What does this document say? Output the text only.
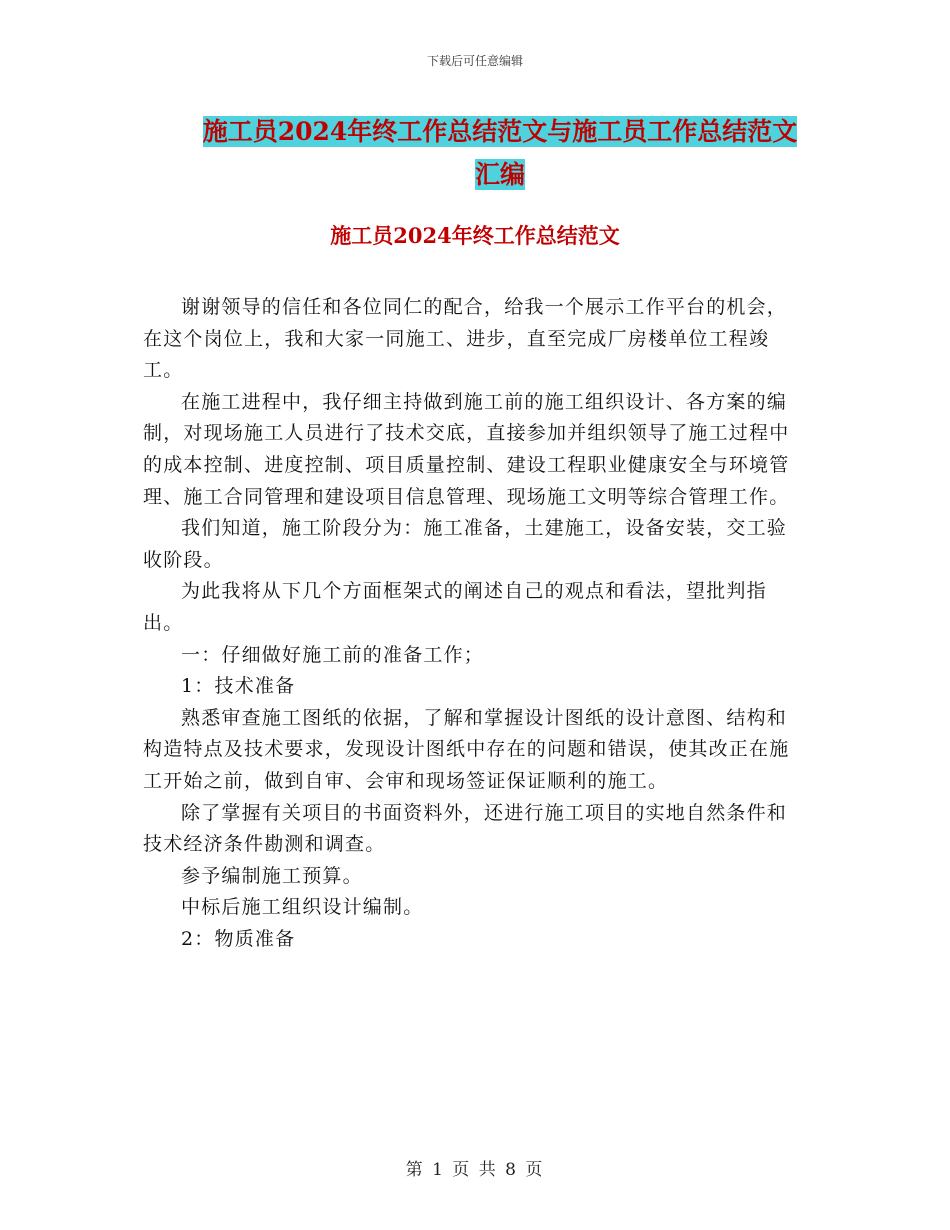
下载后可任意编辑
施工员2024年终工作总结范文与施工员工作总结范文
汇编
施工员2024年终工作总结范文

谢谢领导的信任和各位同仁的配合，给我一个展示工作平台的机会，在这个岗位上，我和大家一同施工、进步，直至完成厂房楼单位工程竣工。

在施工进程中，我仔细主持做到施工前的施工组织设计、各方案的编制，对现场施工人员进行了技术交底，直接参加并组织领导了施工过程中的成本控制、进度控制、项目质量控制、建设工程职业健康安全与环境管理、施工合同管理和建设项目信息管理、现场施工文明等综合管理工作。

我们知道，施工阶段分为：施工准备，土建施工，设备安装，交工验收阶段。

为此我将从下几个方面框架式的阐述自己的观点和看法，望批判指出。

一：仔细做好施工前的准备工作；

1：技术准备

熟悉审查施工图纸的依据，了解和掌握设计图纸的设计意图、结构和构造特点及技术要求，发现设计图纸中存在的问题和错误，使其改正在施工开始之前，做到自审、会审和现场签证保证顺利的施工。

除了掌握有关项目的书面资料外，还进行施工项目的实地自然条件和技术经济条件勘测和调查。

参予编制施工预算。

中标后施工组织设计编制。

2：物质准备

第 1 页 共 8 页
